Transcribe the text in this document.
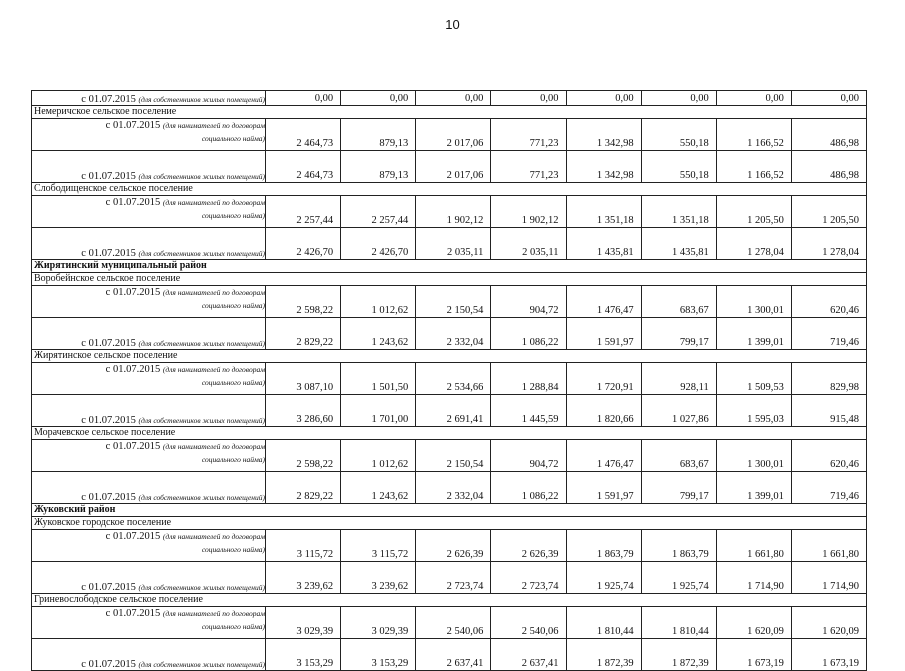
10
с 01.07.2015 (для собственников жилых помещений)	0,00	0,00	0,00	0,00	0,00	0,00	0,00	0,00
Немеричское сельское поселение								
с 01.07.2015 (для нанимателей по договорам
социального найма)	2 464,73	879,13	2 017,06	771,23	1 342,98	550,18	1 166,52	486,98
с 01.07.2015 (для собственников жилых помещений)	2 464,73	879,13	2 017,06	771,23	1 342,98	550,18	1 166,52	486,98
Слободищенское сельское поселение								
с 01.07.2015 (для нанимателей по договорам
социального найма)	2 257,44	2 257,44	1 902,12	1 902,12	1 351,18	1 351,18	1 205,50	1 205,50
с 01.07.2015 (для собственников жилых помещений)	2 426,70	2 426,70	2 035,11	2 035,11	1 435,81	1 435,81	1 278,04	1 278,04
Жирятинский муниципальный район								
Воробейнское сельское поселение								
с 01.07.2015 (для нанимателей по договорам
социального найма)	2 598,22	1 012,62	2 150,54	904,72	1 476,47	683,67	1 300,01	620,46
с 01.07.2015 (для собственников жилых помещений)	2 829,22	1 243,62	2 332,04	1 086,22	1 591,97	799,17	1 399,01	719,46
Жирятинское сельское поселение								
с 01.07.2015 (для нанимателей по договорам
социального найма)	3 087,10	1 501,50	2 534,66	1 288,84	1 720,91	928,11	1 509,53	829,98
с 01.07.2015 (для собственников жилых помещений)	3 286,60	1 701,00	2 691,41	1 445,59	1 820,66	1 027,86	1 595,03	915,48
Морачевское сельское поселение								
с 01.07.2015 (для нанимателей по договорам
социального найма)	2 598,22	1 012,62	2 150,54	904,72	1 476,47	683,67	1 300,01	620,46
с 01.07.2015 (для собственников жилых помещений)	2 829,22	1 243,62	2 332,04	1 086,22	1 591,97	799,17	1 399,01	719,46
Жуковский район								
Жуковское городское поселение								
с 01.07.2015 (для нанимателей по договорам
социального найма)	3 115,72	3 115,72	2 626,39	2 626,39	1 863,79	1 863,79	1 661,80	1 661,80
с 01.07.2015 (для собственников жилых помещений)	3 239,62	3 239,62	2 723,74	2 723,74	1 925,74	1 925,74	1 714,90	1 714,90
Гриневослободское сельское поселение								
с 01.07.2015 (для нанимателей по договорам
социального найма)	3 029,39	3 029,39	2 540,06	2 540,06	1 810,44	1 810,44	1 620,09	1 620,09
с 01.07.2015 (для собственников жилых помещений)	3 153,29	3 153,29	2 637,41	2 637,41	1 872,39	1 872,39	1 673,19	1 673,19
